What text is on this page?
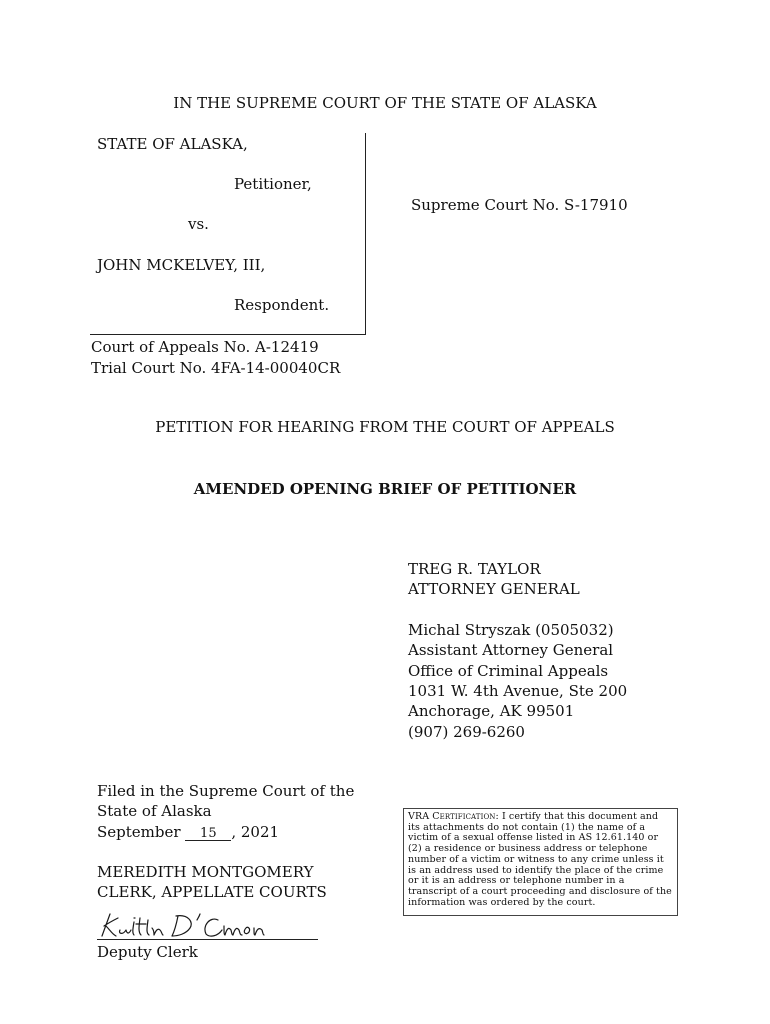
IN THE SUPREME COURT OF THE STATE OF ALASKA
STATE OF ALASKA,
Petitioner,
vs.
JOHN MCKELVEY, III,
Respondent.
Supreme Court No. S-17910
Court of Appeals No. A-12419
Trial Court No. 4FA-14-00040CR
PETITION FOR HEARING FROM THE COURT OF APPEALS
AMENDED OPENING BRIEF OF PETITIONER
TREG R. TAYLOR
ATTORNEY GENERAL
Michal Stryszak (0505032)
Assistant Attorney General
Office of Criminal Appeals
1031 W. 4th Avenue, Ste 200
Anchorage, AK 99501
(907) 269-6260
Filed in the Supreme Court of the
State of Alaska
September 15 , 2021
MEREDITH MONTGOMERY
CLERK, APPELLATE COURTS
Kaitlin D'Amon
Deputy Clerk
VRA Certification: I certify that this document and its attachments do not contain (1) the name of a victim of a sexual offense listed in AS 12.61.140 or (2) a residence or business address or telephone number of a victim or witness to any crime unless it is an address used to identify the place of the crime or it is an address or telephone number in a transcript of a court proceeding and disclosure of the information was ordered by the court.
